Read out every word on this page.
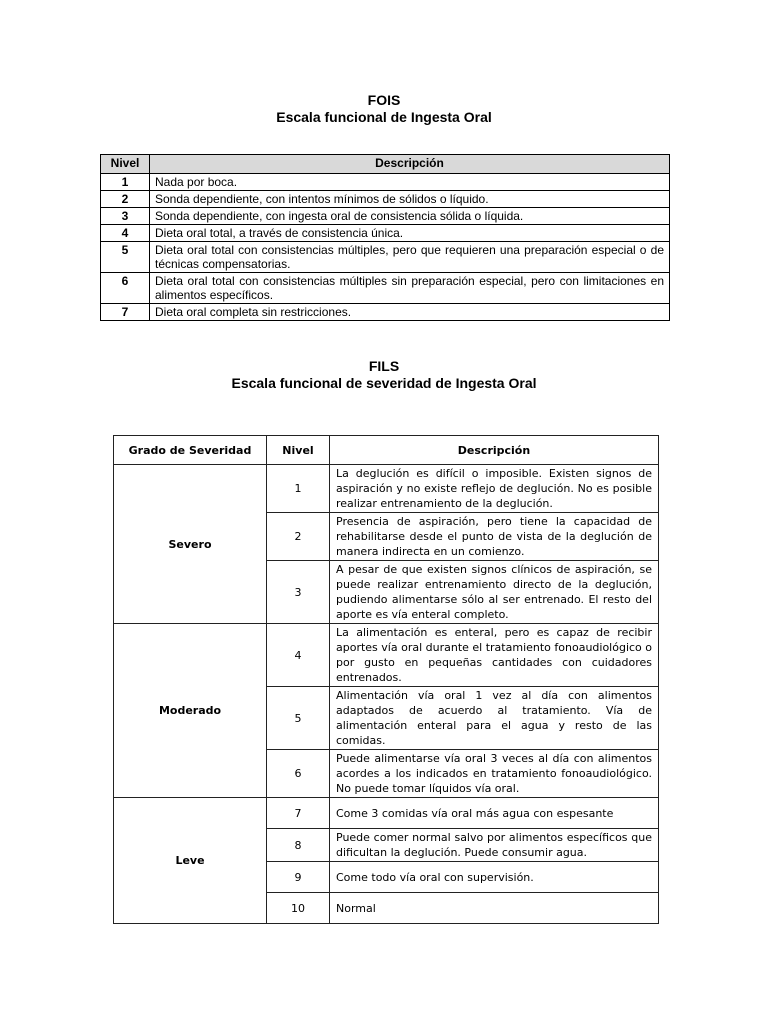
FOIS
Escala funcional de Ingesta Oral
Nivel	Descripción
1	Nada por boca.
2	Sonda dependiente, con intentos mínimos de sólidos o líquido.
3	Sonda dependiente, con ingesta oral de consistencia sólida o líquida.
4	Dieta oral total, a través de consistencia única.
5	Dieta oral total con consistencias múltiples, pero que requieren una preparación especial o de técnicas compensatorias.
6	Dieta oral total con consistencias múltiples sin preparación especial, pero con limitaciones en alimentos específicos.
7	Dieta oral completa sin restricciones.
FILS
Escala funcional de severidad de Ingesta Oral
Grado de Severidad	Nivel	Descripción
Severo	1	La deglución es difícil o imposible. Existen signos de aspiración y no existe reflejo de deglución. No es posible realizar entrenamiento de la deglución.
	2	Presencia de aspiración, pero tiene la capacidad de rehabilitarse desde el punto de vista de la deglución de manera indirecta en un comienzo.
	3	A pesar de que existen signos clínicos de aspiración, se puede realizar entrenamiento directo de la deglución, pudiendo alimentarse sólo al ser entrenado. El resto del aporte es vía enteral completo.
Moderado	4	La alimentación es enteral, pero es capaz de recibir aportes vía oral durante el tratamiento fonoaudiológico o por gusto en pequeñas cantidades con cuidadores entrenados.
	5	Alimentación vía oral 1 vez al día con alimentos adaptados de acuerdo al tratamiento. Vía de alimentación enteral para el agua y resto de las comidas.
	6	Puede alimentarse vía oral 3 veces al día con alimentos acordes a los indicados en tratamiento fonoaudiológico. No puede tomar líquidos vía oral.
Leve	7	Come 3 comidas vía oral más agua con espesante
	8	Puede comer normal salvo por alimentos específicos que dificultan la deglución. Puede consumir agua.
	9	Come todo vía oral con supervisión.
	10	Normal
